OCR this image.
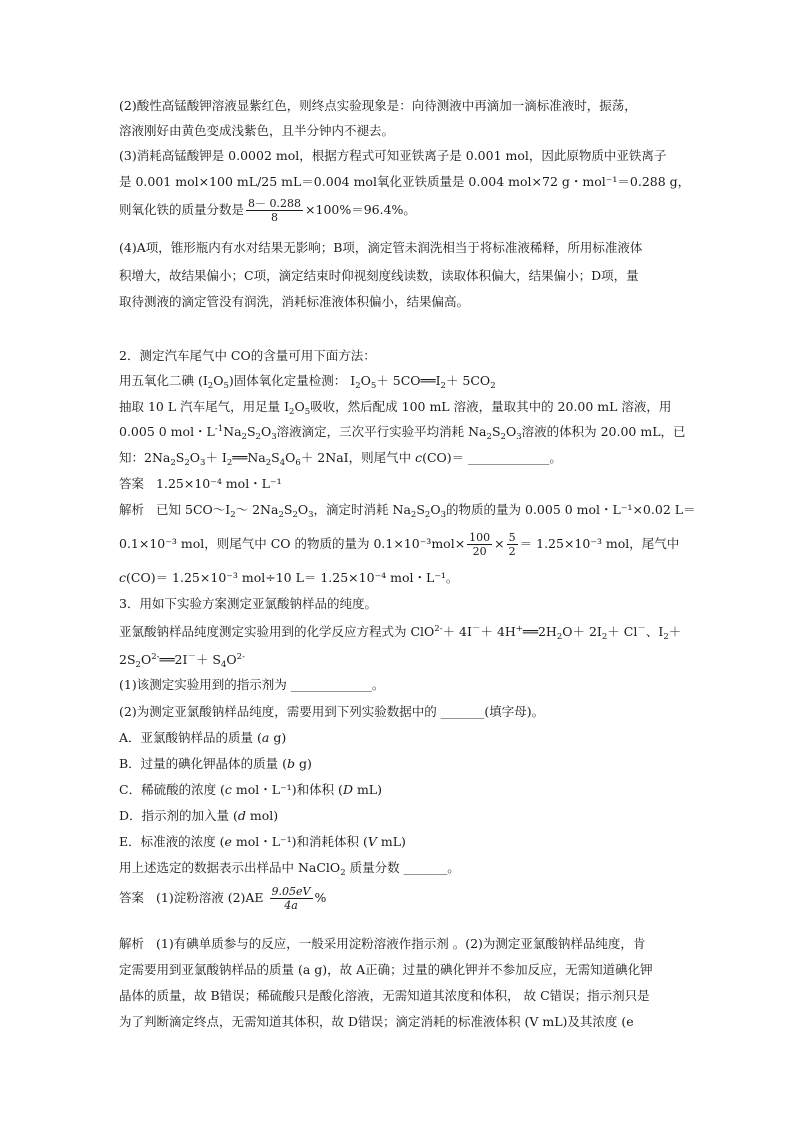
(2)酸性高锰酸钾溶液显紫红色，则终点实验现象是：向待测液中再滴加一滴标准液时，振荡，
溶液刚好由黄色变成浅紫色，且半分钟内不褪去。
(3)消耗高锰酸钾是 0.0002 mol，根据方程式可知亚铁离子是 0.001 mol，因此原物质中亚铁离子
是 0.001 mol×100 mL/25 mL＝0.004 mol氧化亚铁质量是 0.004 mol×72 g・mol⁻¹＝0.288 g，
则氧化铁的质量分数是 $\frac{8- 0.288}{8} \times 100\%=96.4\%$。
(4)A项，锥形瓶内有水对结果无影响；B项，滴定管未润洗相当于将标准液稀释，所用标准液体
积增大，故结果偏小；C项，滴定结束时仰视刻度线读数，读取体积偏大，结果偏小；D项，量
取待测液的滴定管没有润洗，消耗标准液体积偏小，结果偏高。
2．测定汽车尾气中 CO的含量可用下面方法：
用五氧化二碘 $(I_2O_5)$固体氧化定量检测： $I_2O_5+$ $5CO══I_2+ 5CO_2$
抽取 10 L 汽车尾气，用足量 $I_2O_5$吸收，然后配成 100 mL 溶液，量取其中的 20.00 mL 溶液，用
0.005 0 mol・$L^{-1}Na_2S_2O_3$溶液滴定，三次平行实验平均消耗 $Na_2S_2O_3$溶液的体积为 20.00 mL，已
知：$2Na_2S_2O_3+$ $I_2══Na_2S_4O_6+ 2NaI$，则尾气中 c(CO)＝ _____________。
答案 1.25×10⁻⁴ mol・L⁻¹
解析 已知 $5CO\sim I_2\sim$ $2Na_2S_2O_3$，滴定时消耗 $Na_2S_2O_3$的物质的量为 0.005 0 mol・L⁻¹×0.02 L＝
0.1×10⁻³ mol，则尾气中 CO 的物质的量为 $0.1\times 10^{-3}mol\times \frac{100}{20} \times \frac{5}{2} = 1.25\times 10^{-3}$ mol，尾气中
c(CO)＝ 1.25×10⁻³ mol÷10 L＝ 1.25×10⁻⁴ mol・L⁻¹。
3．用如下实验方案测定亚氯酸钠样品的纯度。
亚氯酸钠样品纯度测定实验用到的化学反应方程式为 $ClO^{2-}+ 4I^-+ 4H^+══2H_2O+ 2I_2+ Cl^-$、$I_2+$
$2S_2O^{2-}══2I^-+ S_4O^{2-}$
(1)该测定实验用到的指示剂为 _____________。
(2)为测定亚氯酸钠样品纯度，需要用到下列实验数据中的 _______(填字母)。
A．亚氯酸钠样品的质量 (a g)
B．过量的碘化钾晶体的质量 (b g)
C．稀硫酸的浓度 (c mol・L⁻¹)和体积 (D mL)
D．指示剂的加入量 (d mol)
E．标准液的浓度 (e mol・L⁻¹)和消耗体积 (V mL)
用上述选定的数据表示出样品中 NaClO$_2$ 质量分数 _______。
答案 (1)淀粉溶液 $(2)AE \frac{9.05eV}{4a}$ %
解析 (1)有碘单质参与的反应，一般采用淀粉溶液作指示剂 。(2)为测定亚氯酸钠样品纯度，肯
定需要用到亚氯酸钠样品的质量 (a g)，故 A正确；过量的碘化钾并不参加反应，无需知道碘化钾
晶体的质量，故 B错误；稀硫酸只是酸化溶液，无需知道其浓度和体积， 故 C错误；指示剂只是
为了判断滴定终点，无需知道其体积，故 D错误；滴定消耗的标准液体积 (V mL)及其浓度 (e
